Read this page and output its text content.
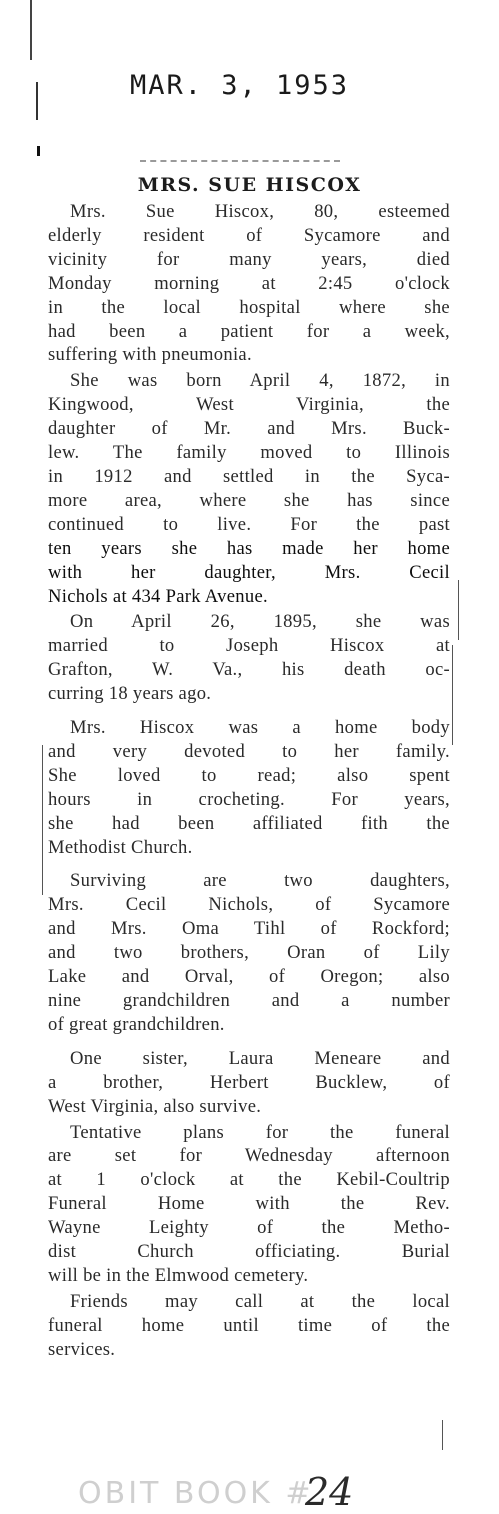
MAR. 3, 1953
MRS. SUE HISCOX

Mrs. Sue Hiscox, 80, esteemed
elderly resident of Sycamore and
vicinity for many years, died
Monday morning at 2:45 o'clock
in the local hospital where she
had been a patient for a week,
suffering with pneumonia.

She was born April 4, 1872, in
Kingwood, West Virginia, the
daughter of Mr. and Mrs. Buck-
lew. The family moved to Illinois
in 1912 and settled in the Syca-
more area, where she has since
continued to live. For the past
ten years she has made her home
with her daughter, Mrs. Cecil
Nichols at 434 Park Avenue.

On April 26, 1895, she was
married to Joseph Hiscox at
Grafton, W. Va., his death oc-
curring 18 years ago.

Mrs. Hiscox was a home body
and very devoted to her family.
She loved to read; also spent
hours in crocheting. For years,
she had been affiliated fith the
Methodist Church.

Surviving are two daughters,
Mrs. Cecil Nichols, of Sycamore
and Mrs. Oma Tihl of Rockford;
and two brothers, Oran of Lily
Lake and Orval, of Oregon; also
nine grandchildren and a number
of great grandchildren.

One sister, Laura Meneare and
a brother, Herbert Bucklew, of
West Virginia, also survive.

Tentative plans for the funeral
are set for Wednesday afternoon
at 1 o'clock at the Kebil-Coultrip
Funeral Home with the Rev.
Wayne Leighty of the Metho-
dist Church officiating. Burial
will be in the Elmwood cemetery.

Friends may call at the local
funeral home until time of the
services.

OBIT BOOK #
24
